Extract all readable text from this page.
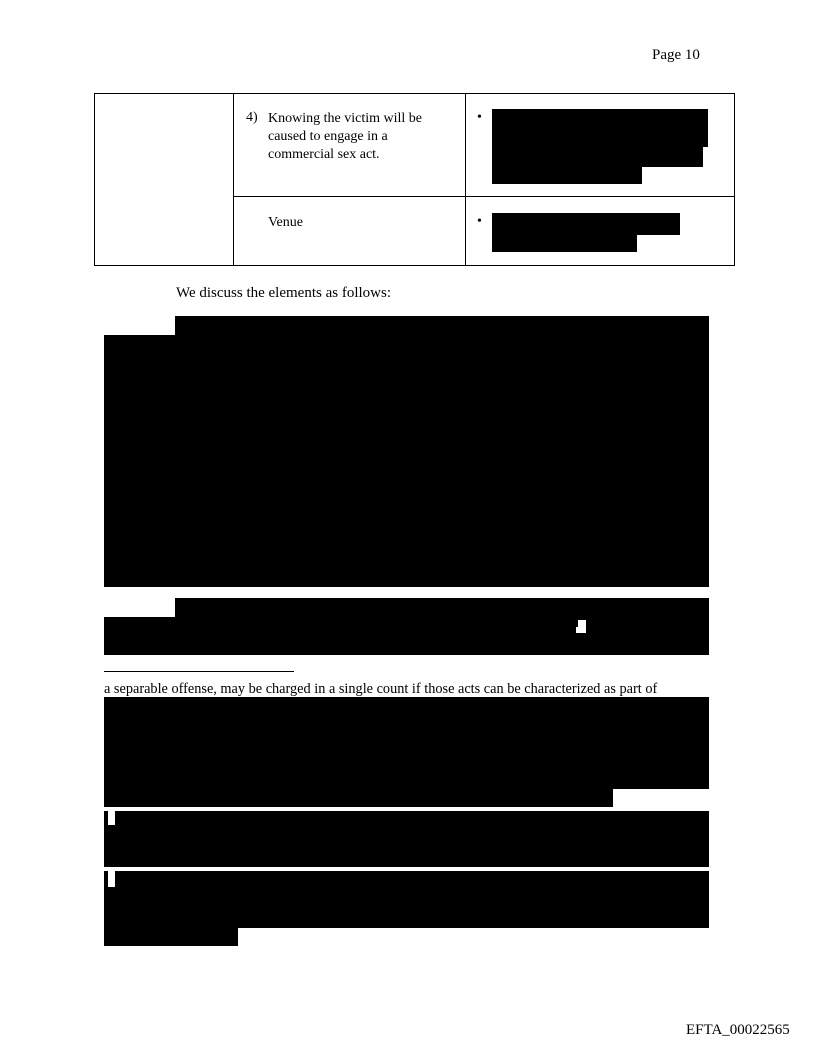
Page 10
4) Knowing the victim will be
caused to engage in a
commercial sex act.
•
Venue	•
We discuss the elements as follows:
a separable offense, may be charged in a single count if those acts can be characterized as part of
EFTA_00022565
